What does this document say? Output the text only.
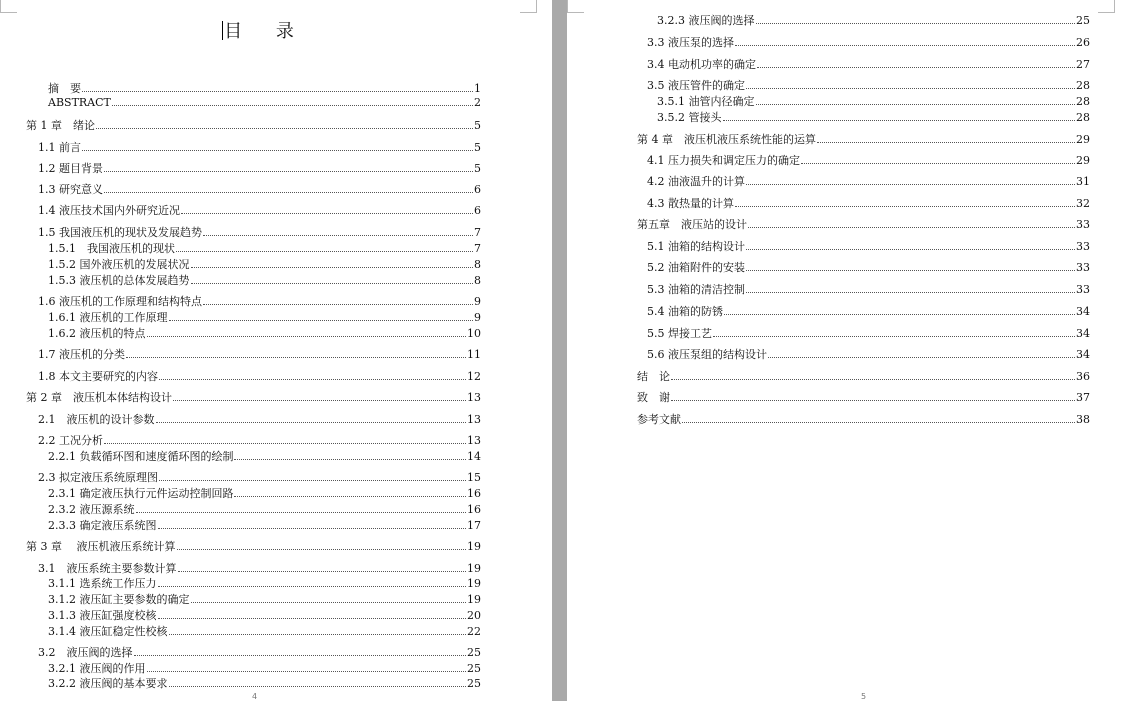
目 录
摘　要	1
ABSTRACT	2
第 1 章　绪论	5
1.1 前言	5
1.2 题目背景	5
1.3 研究意义	6
1.4 液压技术国内外研究近况	6
1.5 我国液压机的现状及发展趋势	7
1.5.1　我国液压机的现状	7
1.5.2 国外液压机的发展状况	8
1.5.3 液压机的总体发展趋势	8
1.6 液压机的工作原理和结构特点	9
1.6.1 液压机的工作原理	9
1.6.2 液压机的特点	10
1.7 液压机的分类	11
1.8 本文主要研究的内容	12
第 2 章　液压机本体结构设计	13
2.1　液压机的设计参数	13
2.2 工况分析	13
2.2.1 负载循环图和速度循环图的绘制	14
2.3 拟定液压系统原理图	15
2.3.1 确定液压执行元件运动控制回路	16
2.3.2 液压源系统	16
2.3.3 确定液压系统图	17
第 3 章　 液压机液压系统计算	19
3.1　液压系统主要参数计算	19
3.1.1 选系统工作压力	19
3.1.2 液压缸主要参数的确定	19
3.1.3 液压缸强度校核	20
3.1.4 液压缸稳定性校核	22
3.2　液压阀的选择	25
3.2.1 液压阀的作用	25
3.2.2 液压阀的基本要求	25
4
3.2.3 液压阀的选择	25
3.3 液压泵的选择	26
3.4 电动机功率的确定	27
3.5 液压管件的确定	28
3.5.1 油管内径确定	28
3.5.2 管接头	28
第 4 章　液压机液压系统性能的运算	29
4.1 压力损失和调定压力的确定	29
4.2 油液温升的计算	31
4.3 散热量的计算	32
第五章　液压站的设计	33
5.1 油箱的结构设计	33
5.2 油箱附件的安装	33
5.3 油箱的清洁控制	33
5.4 油箱的防锈	34
5.5 焊接工艺	34
5.6 液压泵组的结构设计	34
结　论	36
致　谢	37
参考文献	38
5
